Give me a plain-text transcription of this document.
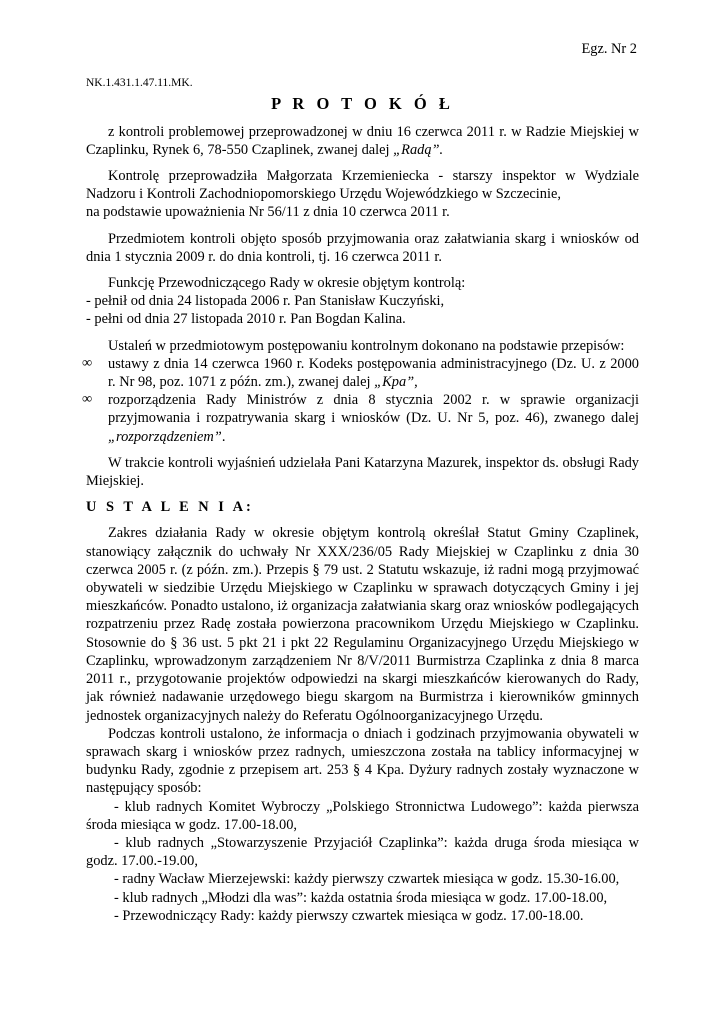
Egz. Nr 2
NK.1.431.1.47.11.MK.
P R O T O K Ó Ł

z kontroli problemowej przeprowadzonej w dniu 16 czerwca 2011 r. w Radzie Miejskiej w Czaplinku, Rynek 6, 78-550 Czaplinek, zwanej dalej „Radą”.

Kontrolę przeprowadziła Małgorzata Krzemieniecka - starszy inspektor w Wydziale Nadzoru i Kontroli Zachodniopomorskiego Urzędu Wojewódzkiego w Szczecinie,

na podstawie upoważnienia Nr 56/11 z dnia 10 czerwca 2011 r.

Przedmiotem kontroli objęto sposób przyjmowania oraz załatwiania skarg i wniosków od dnia 1 stycznia 2009 r. do dnia kontroli, tj. 16 czerwca 2011 r.

Funkcję Przewodniczącego Rady w okresie objętym kontrolą:

- pełnił od dnia 24 listopada 2006 r. Pan Stanisław Kuczyński,

- pełni od dnia 27 listopada 2010 r. Pan Bogdan Kalina.

Ustaleń w przedmiotowym postępowaniu kontrolnym dokonano na podstawie przepisów:

∞ ustawy z dnia 14 czerwca 1960 r. Kodeks postępowania administracyjnego (Dz. U. z 2000 r. Nr 98, poz. 1071 z późn. zm.), zwanej dalej „Kpa”,
∞ rozporządzenia Rady Ministrów z dnia 8 stycznia 2002 r. w sprawie organizacji przyjmowania i rozpatrywania skarg i wniosków (Dz. U. Nr 5, poz. 46), zwanego dalej „rozporządzeniem”.

W trakcie kontroli wyjaśnień udzielała Pani Katarzyna Mazurek, inspektor ds. obsługi Rady Miejskiej.

U S T A L E N I A:

Zakres działania Rady w okresie objętym kontrolą określał Statut Gminy Czaplinek, stanowiący załącznik do uchwały Nr XXX/236/05 Rady Miejskiej w Czaplinku z dnia 30 czerwca 2005 r. (z późn. zm.). Przepis § 79 ust. 2 Statutu wskazuje, iż radni mogą przyjmować obywateli w siedzibie Urzędu Miejskiego w Czaplinku w sprawach dotyczących Gminy i jej mieszkańców. Ponadto ustalono, iż organizacja załatwiania skarg oraz wniosków podlegających rozpatrzeniu przez Radę została powierzona pracownikom Urzędu Miejskiego w Czaplinku. Stosownie do § 36 ust. 5 pkt 21 i pkt 22 Regulaminu Organizacyjnego Urzędu Miejskiego w Czaplinku, wprowadzonym zarządzeniem Nr 8/V/2011 Burmistrza Czaplinka z dnia 8 marca 2011 r., przygotowanie projektów odpowiedzi na skargi mieszkańców kierowanych do Rady, jak również nadawanie urzędowego biegu skargom na Burmistrza i kierowników gminnych jednostek organizacyjnych należy do Referatu Ogólnoorganizacyjnego Urzędu.

Podczas kontroli ustalono, że informacja o dniach i godzinach przyjmowania obywateli w sprawach skarg i wniosków przez radnych, umieszczona została na tablicy informacyjnej w budynku Rady, zgodnie z przepisem art. 253 § 4 Kpa. Dyżury radnych zostały wyznaczone w następujący sposób:

- klub radnych Komitet Wybroczy „Polskiego Stronnictwa Ludowego”: każda pierwsza środa miesiąca w godz. 17.00-18.00,

- klub radnych „Stowarzyszenie Przyjaciół Czaplinka”: każda druga środa miesiąca w godz. 17.00.-19.00,

- radny Wacław Mierzejewski: każdy pierwszy czwartek miesiąca w godz. 15.30-16.00,

- klub radnych „Młodzi dla was”: każda ostatnia środa miesiąca w godz. 17.00-18.00,

- Przewodniczący Rady: każdy pierwszy czwartek miesiąca w godz. 17.00-18.00.
